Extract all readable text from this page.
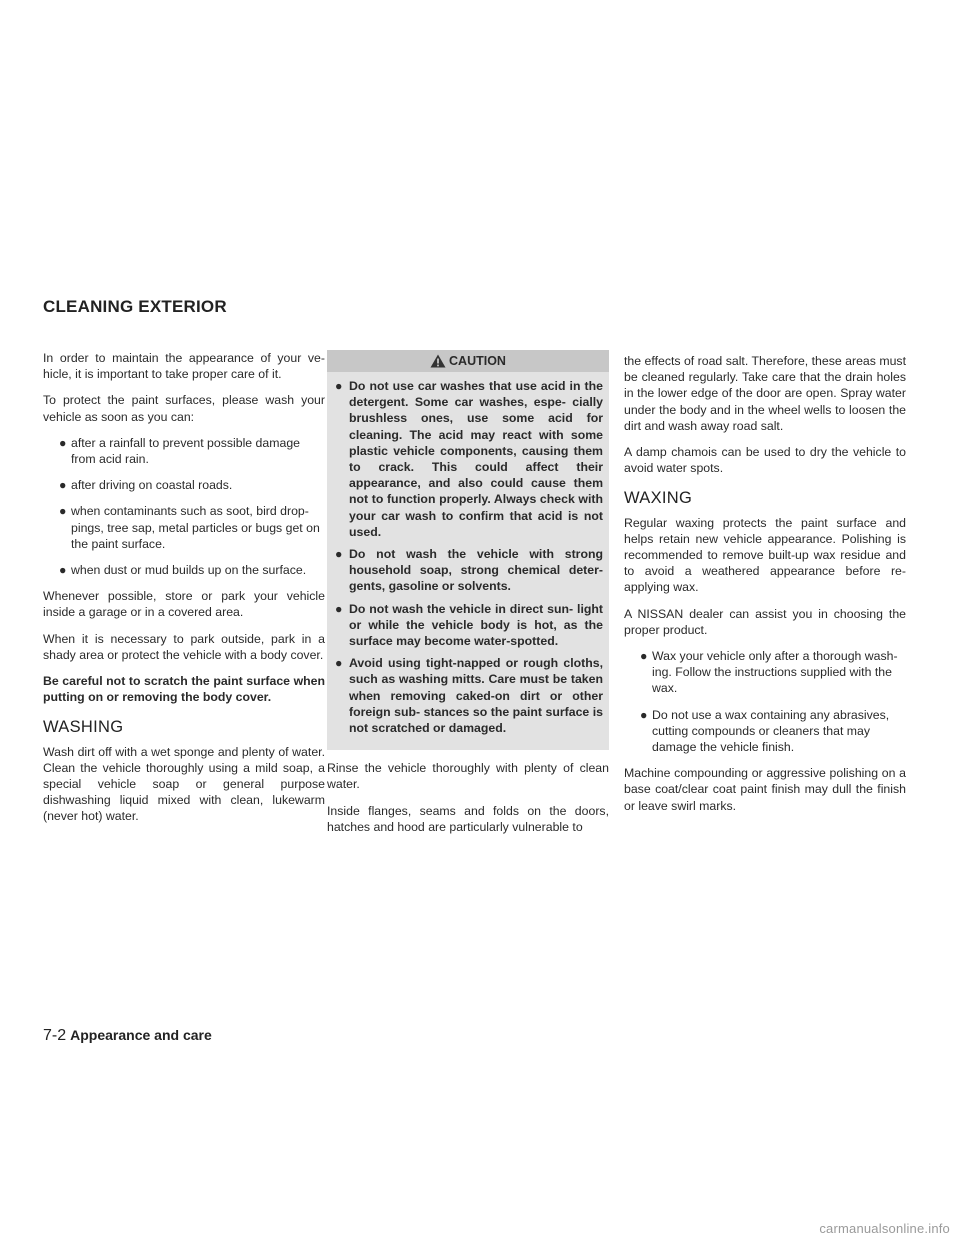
CLEANING EXTERIOR

In order to maintain the appearance of your ve- hicle, it is important to take proper care of it.

To protect the paint surfaces, please wash your vehicle as soon as you can:

● after a rainfall to prevent possible damage from acid rain.
● after driving on coastal roads.
● when contaminants such as soot, bird drop- pings, tree sap, metal particles or bugs get on the paint surface.
● when dust or mud builds up on the surface.

Whenever possible, store or park your vehicle inside a garage or in a covered area.

When it is necessary to park outside, park in a shady area or protect the vehicle with a body cover.

Be careful not to scratch the paint surface when putting on or removing the body cover.

WASHING

Wash dirt off with a wet sponge and plenty of water. Clean the vehicle thoroughly using a mild soap, a special vehicle soap or general purpose dishwashing liquid mixed with clean, lukewarm (never hot) water.

CAUTION
● Do not use car washes that use acid in the detergent. Some car washes, espe- cially brushless ones, use some acid for cleaning. The acid may react with some plastic vehicle components, causing them to crack. This could affect their appearance, and also could cause them not to function properly. Always check with your car wash to confirm that acid is not used.
● Do not wash the vehicle with strong household soap, strong chemical deter- gents, gasoline or solvents.
● Do not wash the vehicle in direct sun- light or while the vehicle body is hot, as the surface may become water-spotted.
● Avoid using tight-napped or rough cloths, such as washing mitts. Care must be taken when removing caked-on dirt or other foreign sub- stances so the paint surface is not scratched or damaged.

Rinse the vehicle thoroughly with plenty of clean water.

Inside flanges, seams and folds on the doors, hatches and hood are particularly vulnerable to

the effects of road salt. Therefore, these areas must be cleaned regularly. Take care that the drain holes in the lower edge of the door are open. Spray water under the body and in the wheel wells to loosen the dirt and wash away road salt.

A damp chamois can be used to dry the vehicle to avoid water spots.

WAXING

Regular waxing protects the paint surface and helps retain new vehicle appearance. Polishing is recommended to remove built-up wax residue and to avoid a weathered appearance before re-applying wax.

A NISSAN dealer can assist you in choosing the proper product.

● Wax your vehicle only after a thorough wash- ing. Follow the instructions supplied with the wax.
● Do not use a wax containing any abrasives, cutting compounds or cleaners that may damage the vehicle finish.

Machine compounding or aggressive polishing on a base coat/clear coat paint finish may dull the finish or leave swirl marks.

7-2 Appearance and care
carmanualsonline.info
